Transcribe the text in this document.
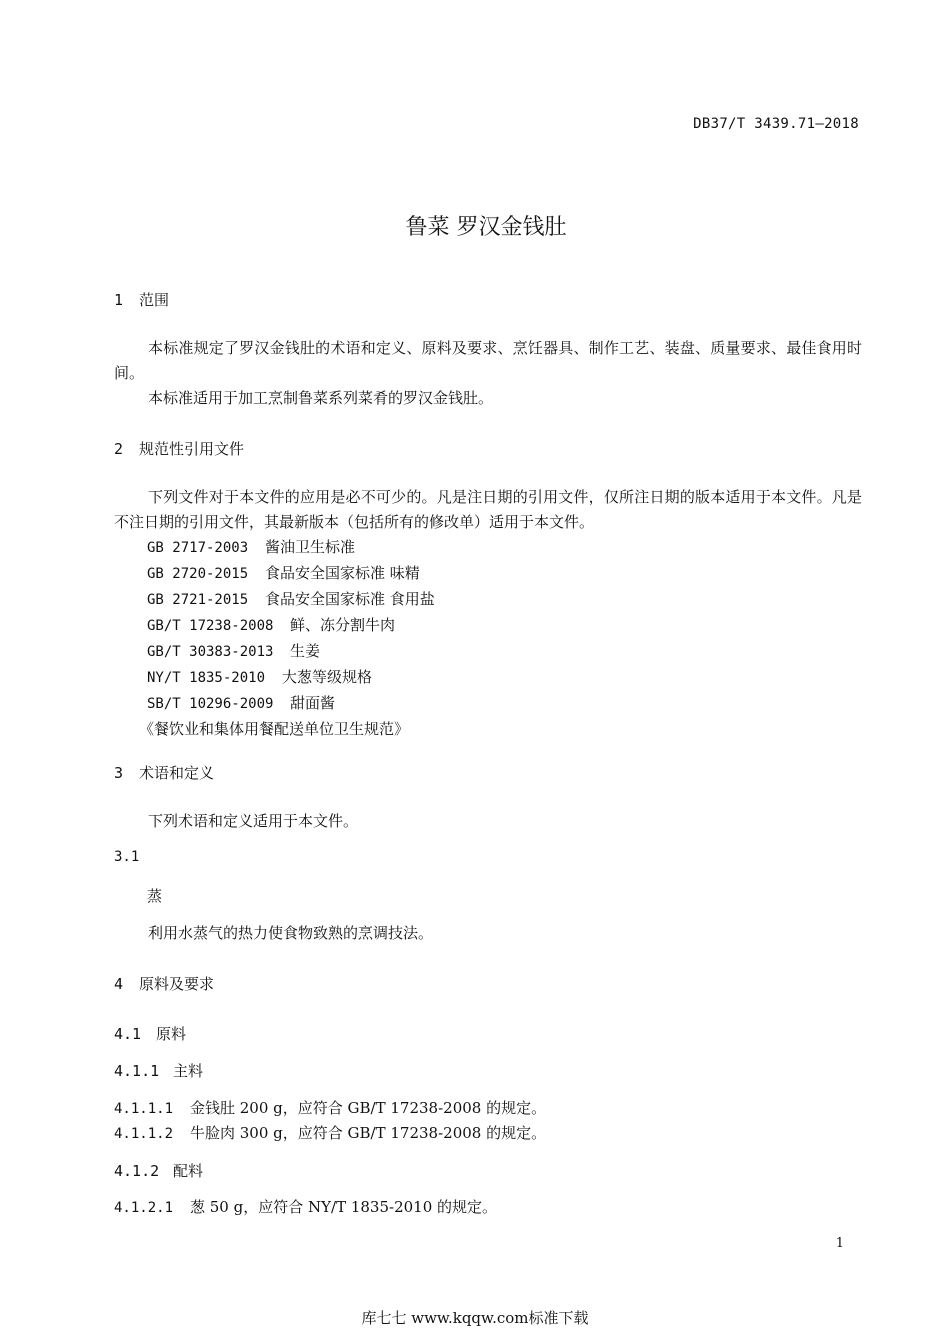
DB37/T 3439.71—2018
鲁菜 罗汉金钱肚
1 范围
本标准规定了罗汉金钱肚的术语和定义、原料及要求、烹饪器具、制作工艺、装盘、质量要求、最佳食用时间。
本标准适用于加工烹制鲁菜系列菜肴的罗汉金钱肚。
2 规范性引用文件
下列文件对于本文件的应用是必不可少的。凡是注日期的引用文件，仅所注日期的版本适用于本文件。凡是不注日期的引用文件，其最新版本（包括所有的修改单）适用于本文件。
GB 2717-2003 酱油卫生标准
GB 2720-2015 食品安全国家标准 味精
GB 2721-2015 食品安全国家标准 食用盐
GB/T 17238-2008 鲜、冻分割牛肉
GB/T 30383-2013 生姜
NY/T 1835-2010 大葱等级规格
SB/T 10296-2009 甜面酱
《餐饮业和集体用餐配送单位卫生规范》
3 术语和定义
下列术语和定义适用于本文件。
3.1
蒸
利用水蒸气的热力使食物致熟的烹调技法。
4 原料及要求
4.1 原料
4.1.1 主料
4.1.1.1 金钱肚 200 g，应符合 GB/T 17238-2008 的规定。
4.1.1.2 牛脸肉 300 g，应符合 GB/T 17238-2008 的规定。
4.1.2 配料
4.1.2.1 葱 50 g，应符合 NY/T 1835-2010 的规定。
1
库七七 www.kqqw.com标准下载
